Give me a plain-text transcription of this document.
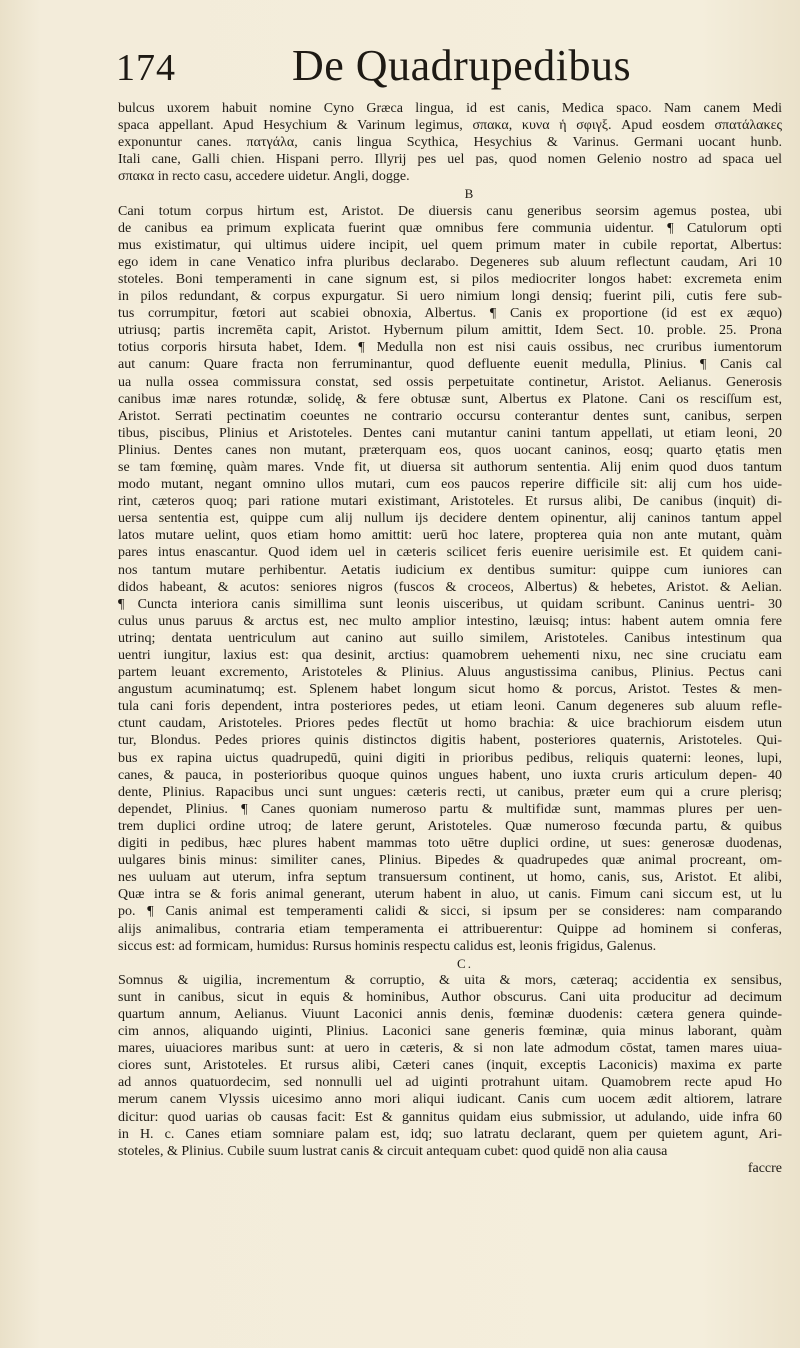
174	De Quadrupedibus
bulcus uxorem habuit nomine Cyno Græca lingua, id est canis, Medica spaco. Nam canem Medi
spaca appellant. Apud Hesychium & Varinum legimus, σπακα, κυνα ἡ σφιγξ. Apud eosdem σπατάλακες
exponuntur canes. πατγάλα, canis lingua Scythica, Hesychius & Varinus. Germani uocant hunb.
Itali cane, Galli chien. Hispani perro. Illyrij pes uel pas, quod nomen Gelenio nostro ad spaca uel
σπακα in recto casu, accedere uidetur. Angli, dogge.
B
Cani totum corpus hirtum est, Aristot. De diuersis canu generibus seorsim agemus postea, ubi
de canibus ea primum explicata fuerint quæ omnibus fere communia uidentur. ¶ Catulorum opti
mus existimatur, qui ultimus uidere incipit, uel quem primum mater in cubile reportat, Albertus:
ego idem in cane Venatico infra pluribus declarabo. Degeneres sub aluum reflectunt caudam, Ari 10
stoteles. Boni temperamenti in cane signum est, si pilos mediocriter longos habet: excremeta enim
in pilos redundant, & corpus expurgatur. Si uero nimium longi densiq; fuerint pili, cutis fere sub-
tus corrumpitur, fœtori aut scabiei obnoxia, Albertus. ¶ Canis ex proportione (id est ex æquo)
utriusq; partis incremēta capit, Aristot. Hybernum pilum amittit, Idem Sect. 10. proble. 25. Prona
totius corporis hirsuta habet, Idem. ¶ Medulla non est nisi cauis ossibus, nec cruribus iumentorum
aut canum: Quare fracta non ferruminantur, quod defluente euenit medulla, Plinius. ¶ Canis cal
ua nulla ossea commissura constat, sed ossis perpetuitate continetur, Aristot. Aelianus. Generosis
canibus imæ nares rotundæ, solidę, & fere obtusæ sunt, Albertus ex Platone. Cani os resciſſum est,
Aristot. Serrati pectinatim coeuntes ne contrario occursu conterantur dentes sunt, canibus, serpen
tibus, piscibus, Plinius et Aristoteles. Dentes cani mutantur canini tantum appellati, ut etiam leoni, 20
Plinius. Dentes canes non mutant, præterquam eos, quos uocant caninos, eosq; quarto ętatis men
se tam fœminę, quàm mares. Vnde fit, ut diuersa sit authorum sententia. Alij enim quod duos tantum
modo mutant, negant omnino ullos mutari, cum eos paucos reperire difficile sit: alij cum hos uide-
rint, cæteros quoq; pari ratione mutari existimant, Aristoteles. Et rursus alibi, De canibus (inquit) di-
uersa sententia est, quippe cum alij nullum ijs decidere dentem opinentur, alij caninos tantum appel
latos mutare uelint, quos etiam homo amittit: uerū hoc latere, propterea quia non ante mutant, quàm
pares intus enascantur. Quod idem uel in cæteris scilicet feris euenire uerisimile est. Et quidem cani-
nos tantum mutare perhibentur. Aetatis iudicium ex dentibus sumitur: quippe cum iuniores can
didos habeant, & acutos: seniores nigros (fuscos & croceos, Albertus) & hebetes, Aristot. & Aelian.
¶ Cuncta interiora canis simillima sunt leonis uisceribus, ut quidam scribunt. Caninus uentri- 30
culus unus paruus & arctus est, nec multo amplior intestino, læuisq; intus: habent autem omnia fere
utrinq; dentata uentriculum aut canino aut suillo similem, Aristoteles. Canibus intestinum qua
uentri iungitur, laxius est: qua desinit, arctius: quamobrem uehementi nixu, nec sine cruciatu eam
partem leuant excremento, Aristoteles & Plinius. Aluus angustissima canibus, Plinius. Pectus cani
angustum acuminatumq; est. Splenem habet longum sicut homo & porcus, Aristot. Testes & men-
tula cani foris dependent, intra posteriores pedes, ut etiam leoni. Canum degeneres sub aluum refle-
ctunt caudam, Aristoteles. Priores pedes flectūt ut homo brachia: & uice brachiorum eisdem utun
tur, Blondus. Pedes priores quinis distinctos digitis habent, posteriores quaternis, Aristoteles. Qui-
bus ex rapina uictus quadrupedū, quini digiti in prioribus pedibus, reliquis quaterni: leones, lupi,
canes, & pauca, in posterioribus quoque quinos ungues habent, uno iuxta cruris articulum depen- 40
dente, Plinius. Rapacibus unci sunt ungues: cæteris recti, ut canibus, præter eum qui a crure plerisq;
dependet, Plinius. ¶ Canes quoniam numeroso partu & multifidæ sunt, mammas plures per uen-
trem duplici ordine utroq; de latere gerunt, Aristoteles. Quæ numeroso fœcunda partu, & quibus
digiti in pedibus, hæc plures habent mammas toto uētre duplici ordine, ut sues: generosæ duodenas,
uulgares binis minus: similiter canes, Plinius. Bipedes & quadrupedes quæ animal procreant, om-
nes uuluam aut uterum, infra septum transuersum continent, ut homo, canis, sus, Aristot. Et alibi,
Quæ intra se & foris animal generant, uterum habent in aluo, ut canis. Fimum cani siccum est, ut lu
po. ¶ Canis animal est temperamenti calidi & sicci, si ipsum per se consideres: nam comparando
alijs animalibus, contraria etiam temperamenta ei attribuerentur: Quippe ad hominem si conferas,
siccus est: ad formicam, humidus: Rursus hominis respectu calidus est, leonis frigidus, Galenus.
C.
Somnus & uigilia, incrementum & corruptio, & uita & mors, cæteraq; accidentia ex sensibus,
sunt in canibus, sicut in equis & hominibus, Author obscurus. Cani uita producitur ad decimum
quartum annum, Aelianus. Viuunt Laconici annis denis, fœminæ duodenis: cætera genera quinde-
cim annos, aliquando uiginti, Plinius. Laconici sane generis fœminæ, quia minus laborant, quàm
mares, uiuaciores maribus sunt: at uero in cæteris, & si non late admodum cōstat, tamen mares uiua-
ciores sunt, Aristoteles. Et rursus alibi, Cæteri canes (inquit, exceptis Laconicis) maxima ex parte
ad annos quatuordecim, sed nonnulli uel ad uiginti protrahunt uitam. Quamobrem recte apud Ho
merum canem Vlyssis uicesimo anno mori aliqui iudicant. Canis cum uocem ædit altiorem, latrare
dicitur: quod uarias ob causas facit: Est & gannitus quidam eius submissior, ut adulando, uide infra 60
in H. c. Canes etiam somniare palam est, idq; suo latratu declarant, quem per quietem agunt, Ari-
stoteles, & Plinius. Cubile suum lustrat canis & circuit antequam cubet: quod quidē non alia causa
faccre
